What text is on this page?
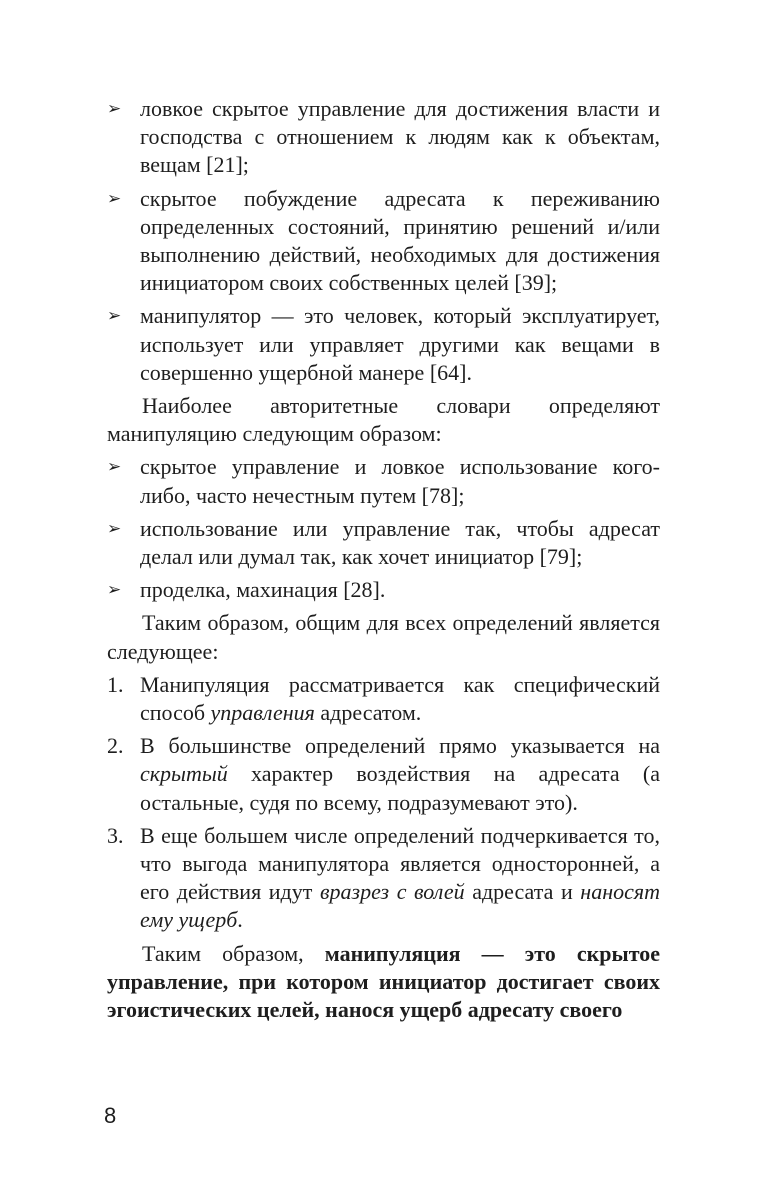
➢ ловкое скрытое управление для достижения власти и господства с отношением к людям как к объектам, вещам [21];
➢ скрытое побуждение адресата к переживанию определенных состояний, принятию решений и/или выполнению действий, необходимых для достижения инициатором своих собственных целей [39];
➢ манипулятор — это человек, который эксплуатирует, использует или управляет другими как вещами в совершенно ущербной манере [64].

Наиболее авторитетные словари определяют манипуляцию следующим образом:

➢ скрытое управление и ловкое использование кого-либо, часто нечестным путем [78];
➢ использование или управление так, чтобы адресат делал или думал так, как хочет инициатор [79];
➢ проделка, махинация [28].

Таким образом, общим для всех определений является следующее:

1. Манипуляция рассматривается как специфический способ управления адресатом.
2. В большинстве определений прямо указывается на скрытый характер воздействия на адресата (а остальные, судя по всему, подразумевают это).
3. В еще большем числе определений подчеркивается то, что выгода манипулятора является односторонней, а его действия идут вразрез с волей адресата и наносят ему ущерб.

Таким образом, манипуляция — это скрытое управление, при котором инициатор достигает своих эгоистических целей, нанося ущерб адресату своего

8
